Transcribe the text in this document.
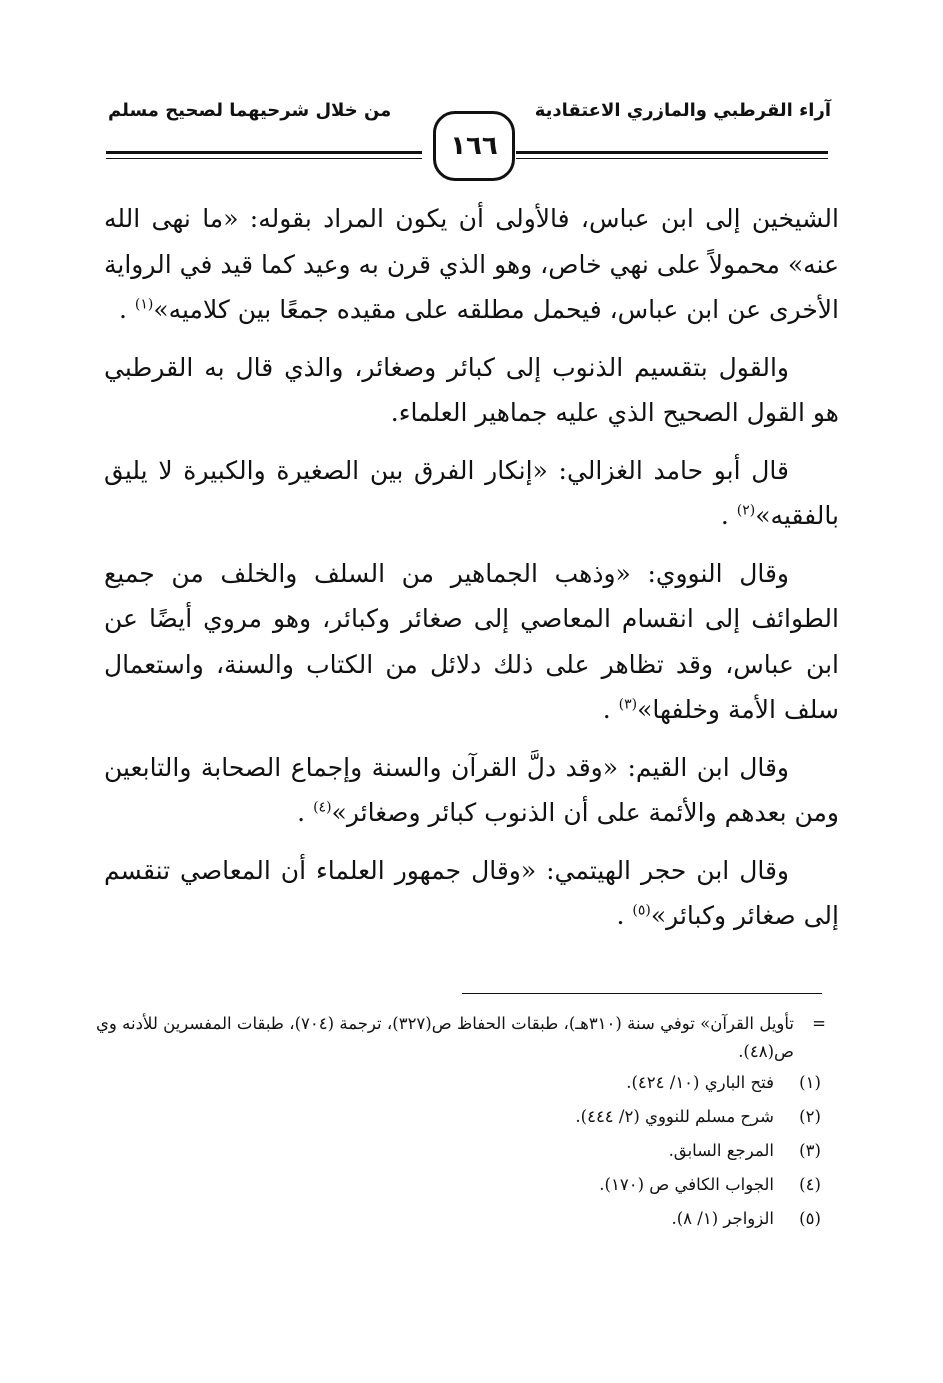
آراء القرطبي والمازري الاعتقادية
من خلال شرحيهما لصحيح مسلم
١٦٦

الشيخين إلى ابن عباس، فالأولى أن يكون المراد بقوله: «ما نهى الله عنه» محمولاً على نهي خاص، وهو الذي قرن به وعيد كما قيد في الرواية الأخرى عن ابن عباس، فيحمل مطلقه على مقيده جمعًا بين كلاميه»$^{(١)}$ .

والقول بتقسيم الذنوب إلى كبائر وصغائر، والذي قال به القرطبي هو القول الصحيح الذي عليه جماهير العلماء.

قال أبو حامد الغزالي: «إنكار الفرق بين الصغيرة والكبيرة لا يليق بالفقيه»$^{(٢)}$ .

وقال النووي: «وذهب الجماهير من السلف والخلف من جميع الطوائف إلى انقسام المعاصي إلى صغائر وكبائر، وهو مروي أيضًا عن ابن عباس، وقد تظاهر على ذلك دلائل من الكتاب والسنة، واستعمال سلف الأمة وخلفها»$^{(٣)}$ .

وقال ابن القيم: «وقد دلَّ القرآن والسنة وإجماع الصحابة والتابعين ومن بعدهم والأئمة على أن الذنوب كبائر وصغائر»$^{(٤)}$ .

وقال ابن حجر الهيتمي: «وقال جمهور العلماء أن المعاصي تنقسم إلى صغائر وكبائر»$^{(٥)}$ .

=
تأويل القرآن» توفي سنة (٣١٠هـ)، طبقات الحفاظ ص(٣٢٧)، ترجمة (٧٠٤)، طبقات المفسرين للأدنه وي ص(٤٨).
(١)
فتح الباري (١٠/ ٤٢٤).
(٢)
شرح مسلم للنووي (٢/ ٤٤٤).
(٣)
المرجع السابق.
(٤)
الجواب الكافي ص (١٧٠).
(٥)
الزواجر (١/ ٨).
